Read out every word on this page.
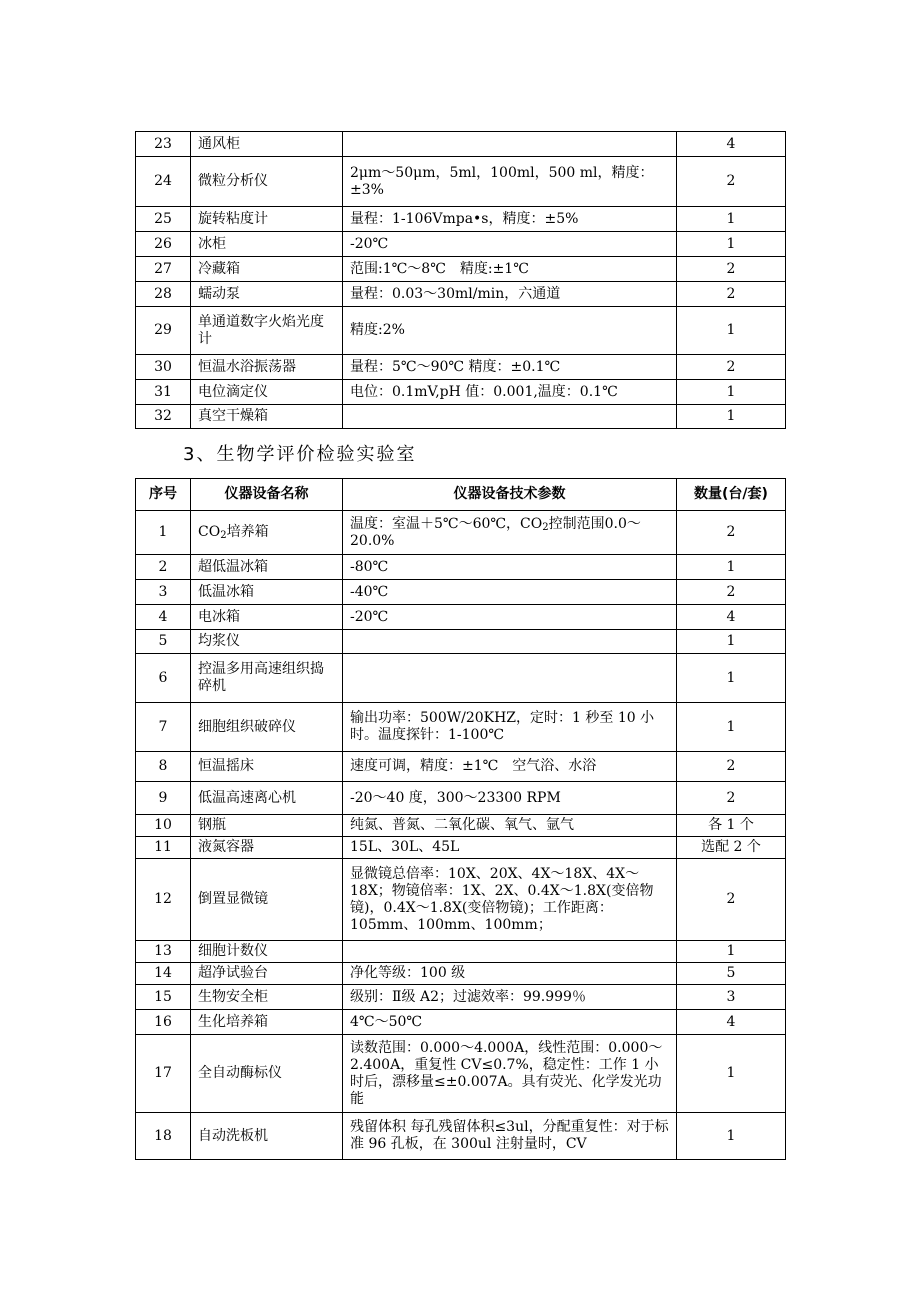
23	通风柜		4
24	微粒分析仪	2μm～50μm，5ml，100ml，500 ml，精度：±3%	2
25	旋转粘度计	量程：1-106Vmpa•s，精度：±5%	1
26	冰柜	-20℃	1
27	冷藏箱	范围:1℃～8℃　精度:±1℃	2
28	蠕动泵	量程：0.03～30ml/min，六通道	2
29	单通道数字火焰光度计	精度:2%	1
30	恒温水浴振荡器	量程：5℃～90℃ 精度：±0.1℃	2
31	电位滴定仪	电位：0.1mV,pH 值：0.001,温度：0.1℃	1
32	真空干燥箱		1
3、生物学评价检验实验室
序号	仪器设备名称	仪器设备技术参数	数量(台/套)
1	$CO_2$培养箱	温度：室温＋5℃～60℃，$CO_2$控制范围0.0～20.0%	2
2	超低温冰箱	-80℃	1
3	低温冰箱	-40℃	2
4	电冰箱	-20℃	4
5	均浆仪		1
6	控温多用高速组织捣碎机		1
7	细胞组织破碎仪	输出功率：500W/20KHZ，定时：1 秒至 10 小时。温度探针：1-100℃	1
8	恒温摇床	速度可调，精度：±1℃　空气浴、水浴	2
9	低温高速离心机	-20～40 度，300～23300 RPM	2
10	钢瓶	纯氮、普氮、二氧化碳、氧气、氩气	各 1 个
11	液氮容器	15L、30L、45L	选配 2 个
12	倒置显微镜	显微镜总倍率：10X、20X、4X～18X、4X～18X；物镜倍率：1X、2X、0.4X～1.8X(变倍物镜)，0.4X～1.8X(变倍物镜)；工作距离：105mm、100mm、100mm；	2
13	细胞计数仪		1
14	超净试验台	净化等级：100 级	5
15	生物安全柜	级别：Ⅱ级 A2；过滤效率：99.999％	3
16	生化培养箱	4℃～50℃	4
17	全自动酶标仪	读数范围：0.000～4.000A，线性范围：0.000～2.400A，重复性 CV≤0.7%，稳定性：工作 1 小时后，漂移量≤±0.007A。具有荧光、化学发光功能	1
18	自动洗板机	残留体积 每孔残留体积≤3ul，分配重复性：对于标准 96 孔板，在 300ul 注射量时，CV	1
